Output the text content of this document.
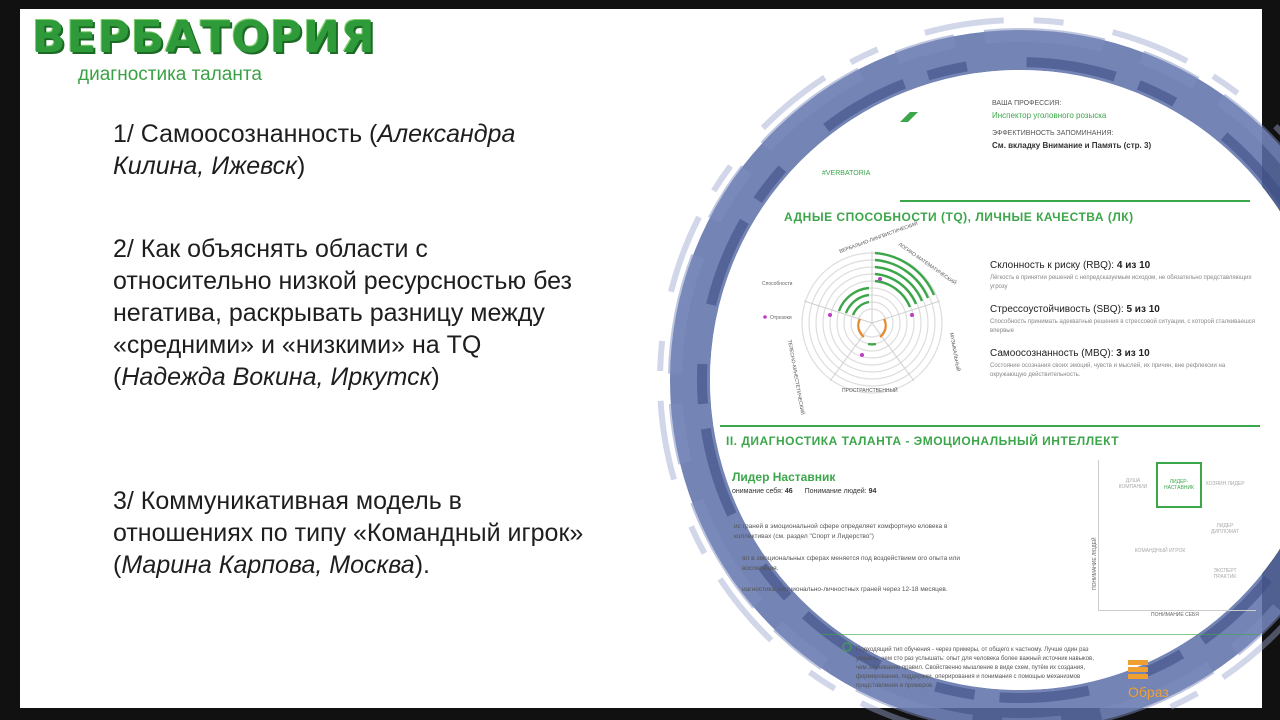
ВЕРБАТОРИЯ
диагностика таланта
1/ Самоосознанность (Александра Килина, Ижевск)
2/ Как объяснять области с относительно низкой ресурсностью без негатива, раскрывать разницу между «средними» и «низкими» на TQ (Надежда Вокина, Иркутск)
3/ Коммуникативная модель в отношениях по типу «Командный игрок» (Марина Карпова, Москва).
ВАША ПРОФЕССИЯ:
Инспектор уголовного розыска
ЭФФЕКТИВНОСТЬ ЗАПОМИНАНИЯ:
См. вкладку Внимание и Память (стр. 3)
#VERBATORIA
АДНЫЕ СПОСОБНОСТИ (TQ), ЛИЧНЫЕ КАЧЕСТВА (ЛК)
Способности
Отрезоки
ВЕРБАЛЬНО-ЛИНГВИСТИЧЕСКИЙ
ЛОГИКО-МАТЕМАТИЧЕСКИЙ
МУЗЫКАЛЬНЫЙ
ПРОСТРАНСТВЕННЫЙ
ТЕЛЕСНО-КИНЕСТЕТИЧЕСКИЙ
Склонность к риску (RBQ): 4 из 10
Лёгкость в принятии решений с непредсказуемым исходом, не обязательно представляющих угрозу
Стрессоустойчивость (SBQ): 5 из 10
Способность принимать адекватные решения в стрессовой ситуации, с которой сталкиваешся впервые
Самоосознанность (MBQ): 3 из 10
Состояние осознания своих эмоций, чувств и мыслей, их причин, вне рефлексии на окружающую действительность.
II. ДИАГНОСТИКА ТАЛАНТА - ЭМОЦИОНАЛЬНЫЙ ИНТЕЛЛЕКТ
Лидер Наставник
онимание себя: 46 Понимание людей: 94
ис граней в эмоциональной сфере определяет комфортную еловека в коллективах (см. раздел "Спорт и Лидерство")
ял в эмоциональных сферах меняется под воздействием ого опыта или воспитания.
иагностика эмоционально-личностных граней через 12-18 месяцев.	ПОНИМАНИЕ ЛЮДЕЙ
ПОНИМАНИЕ СЕБЯ
ДУША КОМПАНИИ
ЛИДЕР-НАСТАВНИК
ХОЗЯИН ЛИДЕР
ЛИДЕР ДИПЛОМАТ
КОМАНДНЫЙ ИГРОК
ЭКСПЕРТ ПРАКТИК
Подходящий тип обучения - через примеры, от общего к частному. Лучше один раз увидеть, чем сто раз услышать: опыт для человека более важный источник навыков, чем заучивание правил. Свойственно мышление в виде схем, путём их создания, формирования, поддержки, оперирования и понимания с помощью механизмов представления и примеров.	Образ
